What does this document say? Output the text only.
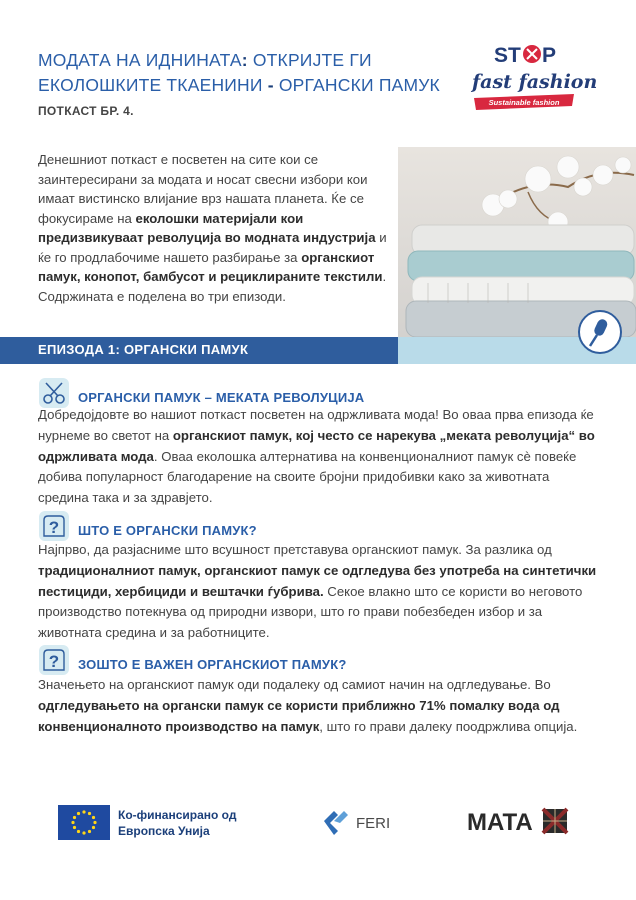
МОДАТА НА ИДНИНАТА: ОТКРИЈТЕ ГИ ЕКОЛОШКИТЕ ТКАЕНИНИ - ОРГАНСКИ ПАМУК
ПОТКАСТ БР. 4.
ST P
fast fashion
Sustainable fashion
Денешниот поткаст е посветен на сите кои се заинтересирани за модата и носат свесни избори кои имаат вистинско влијание врз нашата планета. Ќе се фокусираме на еколошки материјали кои предизвикуваат револуција во модната индустрија и ќе го продлабочиме нашето разбирање за органскиот памук, конопот, бамбусот и рециклираните текстили. Содржината е поделена во три епизоди.
ЕПИЗОДА 1: ОРГАНСКИ ПАМУК
ОРГАНСКИ ПАМУК – МЕКАТА РЕВОЛУЦИЈА
Добредојдовте во нашиот поткаст посветен на одржливата мода! Во оваа прва епизода ќе нурнеме во светот на органскиот памук, кој често се нарекува „меката револуција“ во одржливата мода. Оваа еколошка алтернатива на конвенционалниот памук сè повеќе добива популарност благодарение на своите бројни придобивки како за животната средина така и за здравјето.
? ШТО Е ОРГАНСКИ ПАМУК?
Најпрво, да разјасниме што всушност претставува органскиот памук. За разлика од традиционалниот памук, органскиот памук се одгледува без употреба на синтетички пестициди, хербициди и вештачки ѓубрива. Секое влакно што се користи во неговото производство потекнува од природни извори, што го прави побезбеден избор и за животната средина и за работниците.
? ЗОШТО Е ВАЖЕН ОРГАНСКИОТ ПАМУК?
Значењето на органскиот памук оди подалеку од самиот начин на одгледување. Во одгледувањето на органски памук се користи приближно 71% помалку вода од конвенционалното производство на памук, што го прави далеку поодржлива опција.
Ко-финансирано од
Европска Унија	FERI	MATA
